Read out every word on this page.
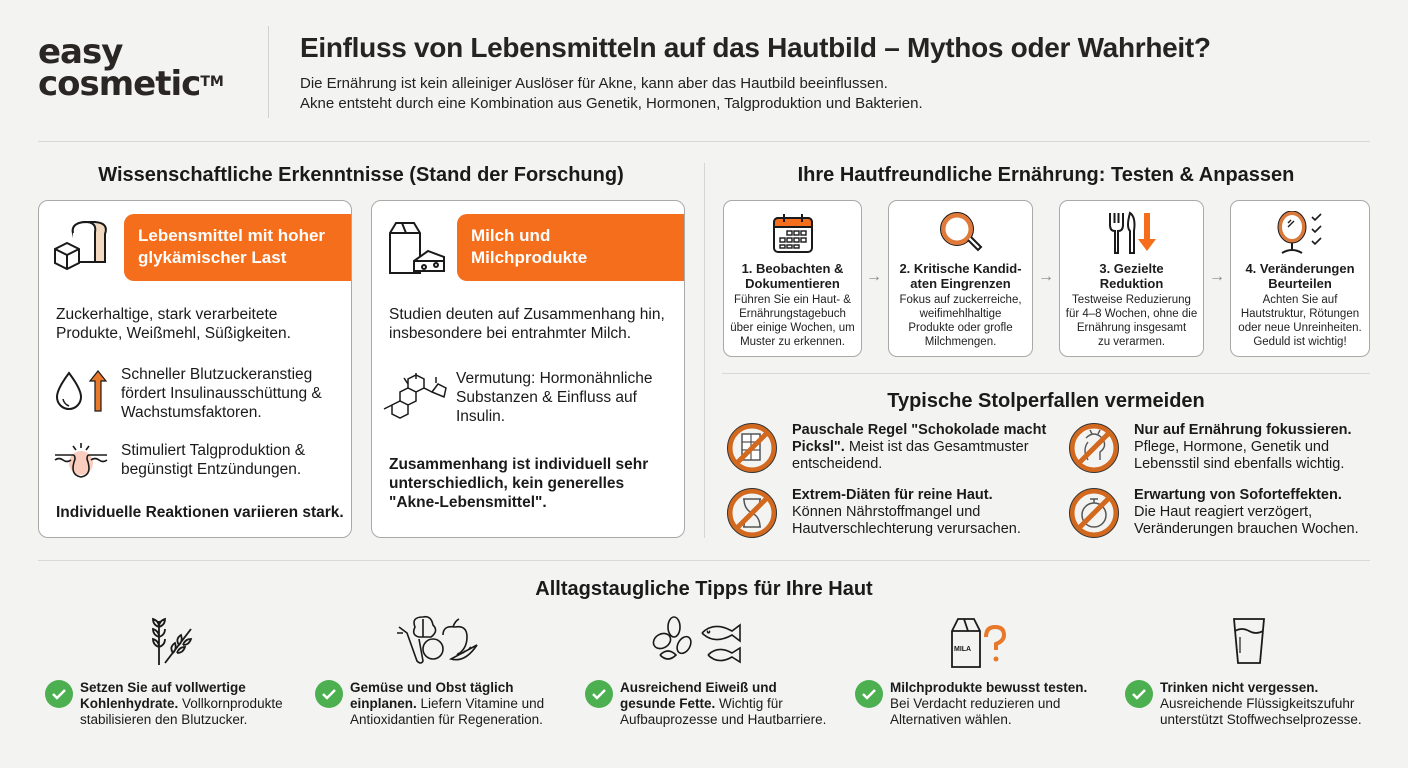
easy
cosmetic™
Einfluss von Lebensmitteln auf das Hautbild – Mythos oder Wahrheit?
Die Ernährung ist kein alleiniger Auslöser für Akne, kann aber das Hautbild beeinflussen.
Akne entsteht durch eine Kombination aus Genetik, Hormonen, Talgproduktion und Bakterien.
Wissenschaftliche Erkenntnisse (Stand der Forschung)
Lebensmittel mit hoher
glykämischer Last
Zuckerhaltige, stark verarbeitete
Produkte, Weißmehl, Süßigkeiten.
Schneller Blutzuckeranstieg
fördert Insulinausschüttung &
Wachstumsfaktoren.
Stimuliert Talgproduktion &
begünstigt Entzündungen.
Individuelle Reaktionen variieren stark.
Milch und
Milchprodukte
Studien deuten auf Zusammenhang hin,
insbesondere bei entrahmter Milch.
Vermutung: Hormonähnliche
Substanzen & Einfluss auf
Insulin.
Zusammenhang ist individuell sehr
unterschiedlich, kein generelles
"Akne-Lebensmittel".
Ihre Hautfreundliche Ernährung: Testen & Anpassen
1. Beobachten &
Dokumentieren
Führen Sie ein Haut- &
Ernährungstagebuch
über einige Wochen, um
Muster zu erkennen.
→	2. Kritische Kandid-
aten Eingrenzen
Fokus auf zuckerreiche,
weifimehlhaltige
Produkte oder grofle
Milchmengen.
→	3. Gezielte
Reduktion
Testweise Reduzierung
für 4–8 Wochen, ohne die
Ernährung insgesamt
zu verarmen.
→	4. Veränderungen
Beurteilen
Achten Sie auf
Hautstruktur, Rötungen
oder neue Unreinheiten.
Geduld ist wichtig!
Typische Stolperfallen vermeiden
Pauschale Regel "Schokolade macht
Picksl". Meist ist das Gesamtmuster
entscheidend.
Extrem-Diäten für reine Haut.
Können Nährstoffmangel und
Hautverschlechterung verursachen.
Nur auf Ernährung fokussieren.
Pflege, Hormone, Genetik und
Lebensstil sind ebenfalls wichtig.
Erwartung von Soforteffekten.
Die Haut reagiert verzögert,
Veränderungen brauchen Wochen.
Alltagstaugliche Tipps für Ihre Haut
Setzen Sie auf vollwertige
Kohlenhydrate. Vollkornprodukte
stabilisieren den Blutzucker.
Gemüse und Obst täglich
einplanen. Liefern Vitamine und
Antioxidantien für Regeneration.
Ausreichend Eiweiß und
gesunde Fette. Wichtig für
Aufbauprozesse und Hautbarriere.
MILA
Milchprodukte bewusst testen.
Bei Verdacht reduzieren und
Alternativen wählen.
Trinken nicht vergessen.
Ausreichende Flüssigkeitszufuhr
unterstützt Stoffwechselprozesse.
